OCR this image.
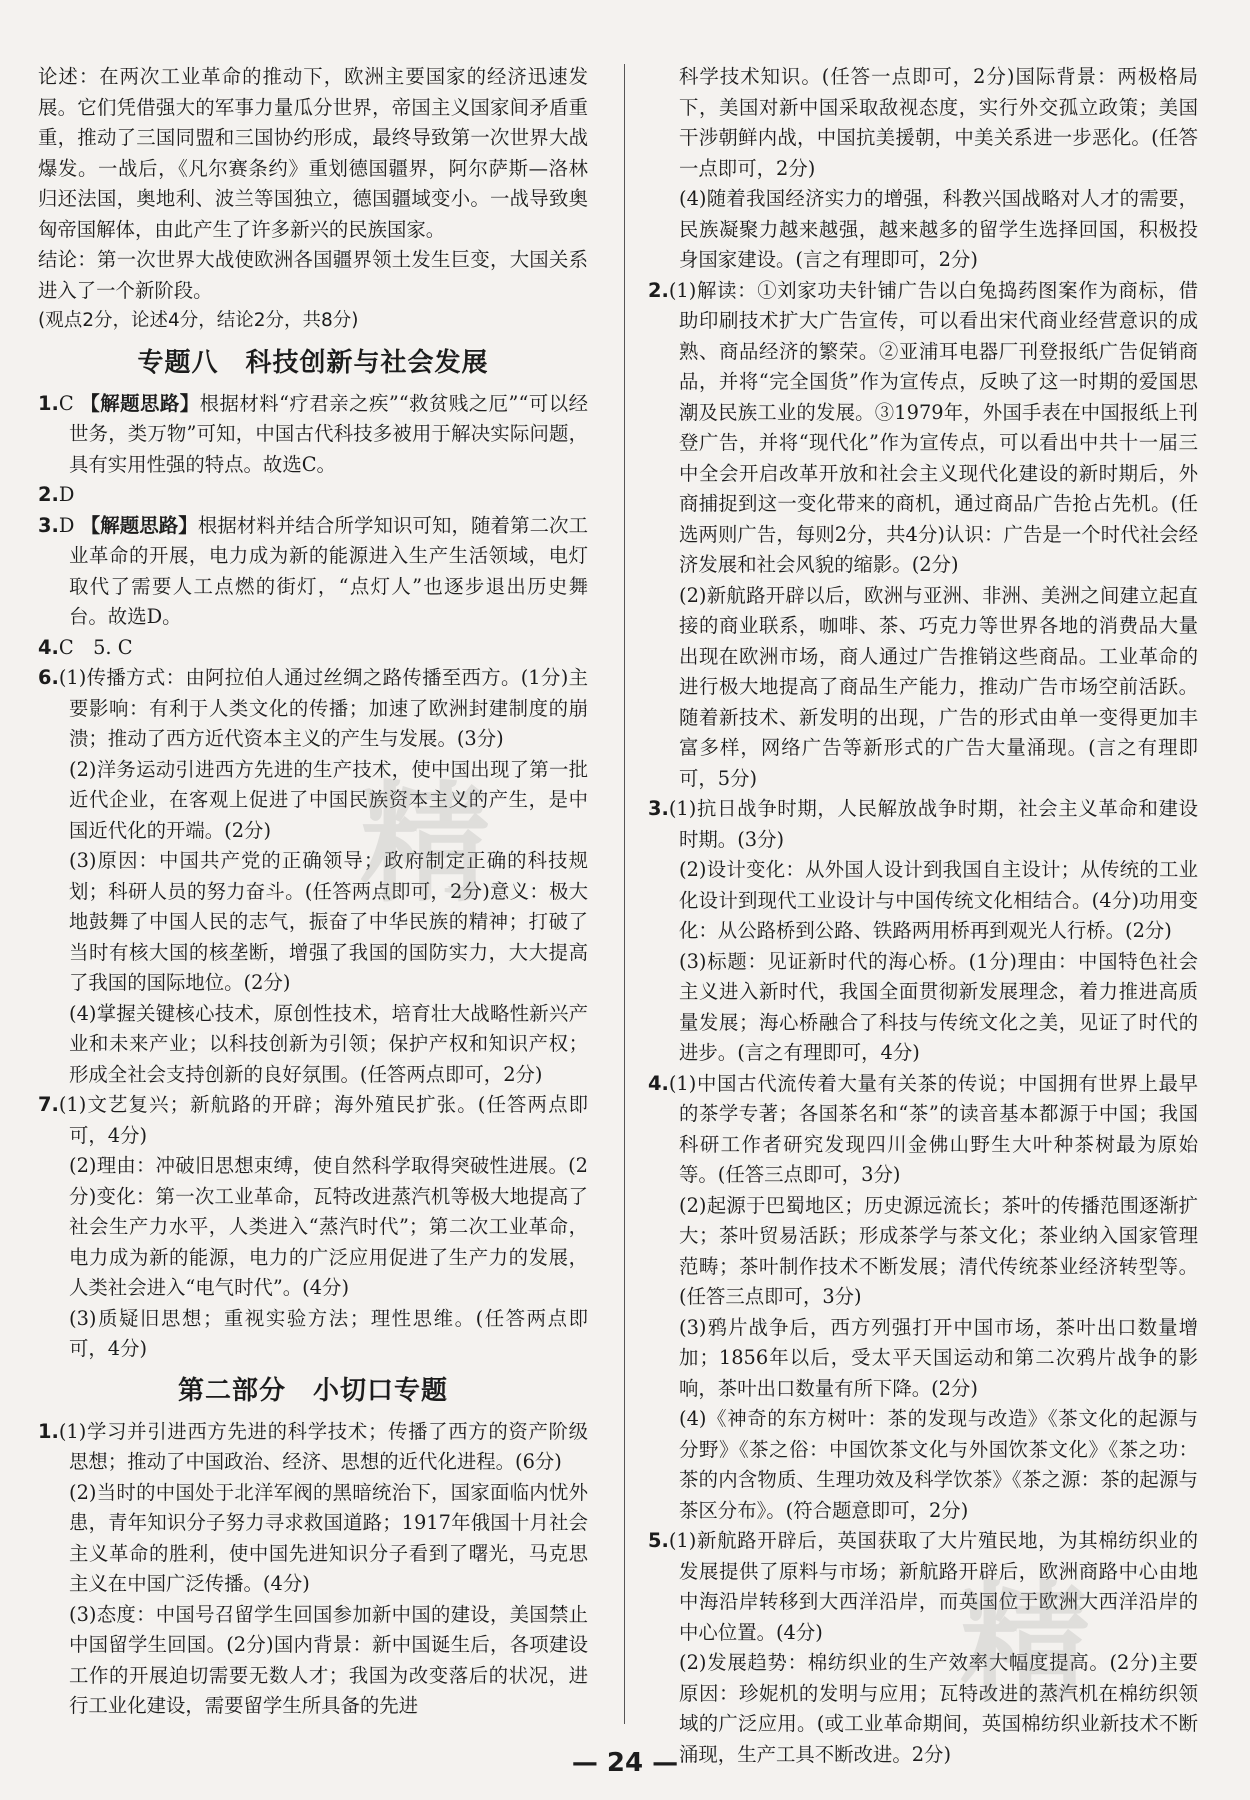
论述：在两次工业革命的推动下，欧洲主要国家的经济迅速发展。它们凭借强大的军事力量瓜分世界，帝国主义国家间矛盾重重，推动了三国同盟和三国协约形成，最终导致第一次世界大战爆发。一战后，《凡尔赛条约》重划德国疆界，阿尔萨斯—洛林归还法国，奥地利、波兰等国独立，德国疆域变小。一战导致奥匈帝国解体，由此产生了许多新兴的民族国家。

结论：第一次世界大战使欧洲各国疆界领土发生巨变，大国关系进入了一个新阶段。

(观点2分，论述4分，结论2分，共8分)

专题八　科技创新与社会发展

1.C 【解题思路】根据材料“疗君亲之疾”“救贫贱之厄”“可以经世务，类万物”可知，中国古代科技多被用于解决实际问题，具有实用性强的特点。故选C。

2.D

3.D 【解题思路】根据材料并结合所学知识可知，随着第二次工业革命的开展，电力成为新的能源进入生产生活领域，电灯取代了需要人工点燃的街灯，“点灯人”也逐步退出历史舞台。故选D。

4.C　5. C

6.(1)传播方式：由阿拉伯人通过丝绸之路传播至西方。(1分)主要影响：有利于人类文化的传播；加速了欧洲封建制度的崩溃；推动了西方近代资本主义的产生与发展。(3分)

(2)洋务运动引进西方先进的生产技术，使中国出现了第一批近代企业，在客观上促进了中国民族资本主义的产生，是中国近代化的开端。(2分)

(3)原因：中国共产党的正确领导；政府制定正确的科技规划；科研人员的努力奋斗。(任答两点即可，2分)意义：极大地鼓舞了中国人民的志气，振奋了中华民族的精神；打破了当时有核大国的核垄断，增强了我国的国防实力，大大提高了我国的国际地位。(2分)

(4)掌握关键核心技术，原创性技术，培育壮大战略性新兴产业和未来产业；以科技创新为引领；保护产权和知识产权；形成全社会支持创新的良好氛围。(任答两点即可，2分)

7.(1)文艺复兴；新航路的开辟；海外殖民扩张。(任答两点即可，4分)

(2)理由：冲破旧思想束缚，使自然科学取得突破性进展。(2分)变化：第一次工业革命，瓦特改进蒸汽机等极大地提高了社会生产力水平，人类进入“蒸汽时代”；第二次工业革命，电力成为新的能源，电力的广泛应用促进了生产力的发展，人类社会进入“电气时代”。(4分)

(3)质疑旧思想；重视实验方法；理性思维。(任答两点即可，4分)

第二部分　小切口专题

1.(1)学习并引进西方先进的科学技术；传播了西方的资产阶级思想；推动了中国政治、经济、思想的近代化进程。(6分)

(2)当时的中国处于北洋军阀的黑暗统治下，国家面临内忧外患，青年知识分子努力寻求救国道路；1917年俄国十月社会主义革命的胜利，使中国先进知识分子看到了曙光，马克思主义在中国广泛传播。(4分)

(3)态度：中国号召留学生回国参加新中国的建设，美国禁止中国留学生回国。(2分)国内背景：新中国诞生后，各项建设工作的开展迫切需要无数人才；我国为改变落后的状况，进行工业化建设，需要留学生所具备的先进

科学技术知识。(任答一点即可，2分)国际背景：两极格局下，美国对新中国采取敌视态度，实行外交孤立政策；美国干涉朝鲜内战，中国抗美援朝，中美关系进一步恶化。(任答一点即可，2分)

(4)随着我国经济实力的增强，科教兴国战略对人才的需要，民族凝聚力越来越强，越来越多的留学生选择回国，积极投身国家建设。(言之有理即可，2分)

2.(1)解读：①刘家功夫针铺广告以白兔捣药图案作为商标，借助印刷技术扩大广告宣传，可以看出宋代商业经营意识的成熟、商品经济的繁荣。②亚浦耳电器厂刊登报纸广告促销商品，并将“完全国货”作为宣传点，反映了这一时期的爱国思潮及民族工业的发展。③1979年，外国手表在中国报纸上刊登广告，并将“现代化”作为宣传点，可以看出中共十一届三中全会开启改革开放和社会主义现代化建设的新时期后，外商捕捉到这一变化带来的商机，通过商品广告抢占先机。(任选两则广告，每则2分，共4分)认识：广告是一个时代社会经济发展和社会风貌的缩影。(2分)

(2)新航路开辟以后，欧洲与亚洲、非洲、美洲之间建立起直接的商业联系，咖啡、茶、巧克力等世界各地的消费品大量出现在欧洲市场，商人通过广告推销这些商品。工业革命的进行极大地提高了商品生产能力，推动广告市场空前活跃。随着新技术、新发明的出现，广告的形式由单一变得更加丰富多样，网络广告等新形式的广告大量涌现。(言之有理即可，5分)

3.(1)抗日战争时期，人民解放战争时期，社会主义革命和建设时期。(3分)

(2)设计变化：从外国人设计到我国自主设计；从传统的工业化设计到现代工业设计与中国传统文化相结合。(4分)功用变化：从公路桥到公路、铁路两用桥再到观光人行桥。(2分)

(3)标题：见证新时代的海心桥。(1分)理由：中国特色社会主义进入新时代，我国全面贯彻新发展理念，着力推进高质量发展；海心桥融合了科技与传统文化之美，见证了时代的进步。(言之有理即可，4分)

4.(1)中国古代流传着大量有关茶的传说；中国拥有世界上最早的茶学专著；各国茶名和“茶”的读音基本都源于中国；我国科研工作者研究发现四川金佛山野生大叶种茶树最为原始等。(任答三点即可，3分)

(2)起源于巴蜀地区；历史源远流长；茶叶的传播范围逐渐扩大；茶叶贸易活跃；形成茶学与茶文化；茶业纳入国家管理范畴；茶叶制作技术不断发展；清代传统茶业经济转型等。(任答三点即可，3分)

(3)鸦片战争后，西方列强打开中国市场，茶叶出口数量增加；1856年以后，受太平天国运动和第二次鸦片战争的影响，茶叶出口数量有所下降。(2分)

(4)《神奇的东方树叶：茶的发现与改造》《茶文化的起源与分野》《茶之俗：中国饮茶文化与外国饮茶文化》《茶之功：茶的内含物质、生理功效及科学饮茶》《茶之源：茶的起源与茶区分布》。(符合题意即可，2分)

5.(1)新航路开辟后，英国获取了大片殖民地，为其棉纺织业的发展提供了原料与市场；新航路开辟后，欧洲商路中心由地中海沿岸转移到大西洋沿岸，而英国位于欧洲大西洋沿岸的中心位置。(4分)

(2)发展趋势：棉纺织业的生产效率大幅度提高。(2分)主要原因：珍妮机的发明与应用；瓦特改进的蒸汽机在棉纺织领域的广泛应用。(或工业革命期间，英国棉纺织业新技术不断涌现，生产工具不断改进。2分)

精
精
— 24 —
